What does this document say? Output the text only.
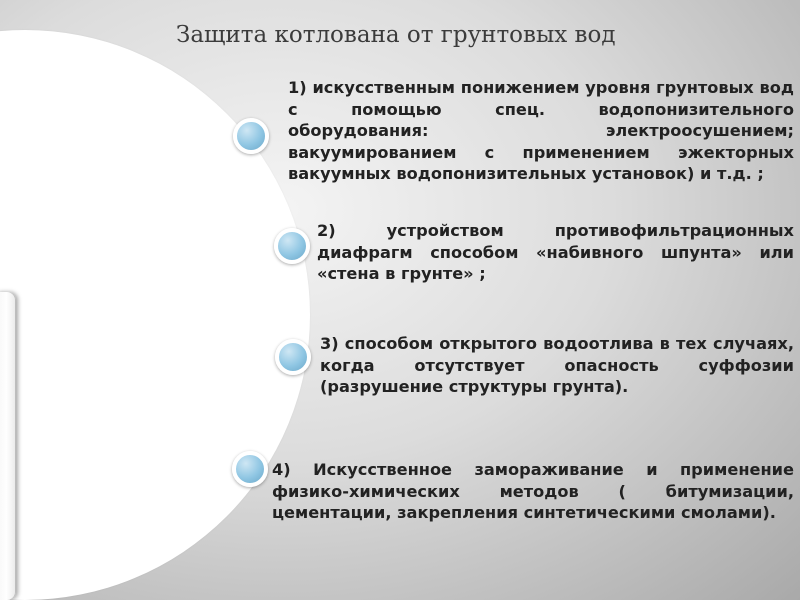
Защита котлована от грунтовых вод

1) искусственным понижением уровня грунтовых вод с помощью спец. водопонизительного оборудования: электроосушением; вакуумированием с применением эжекторных вакуумных водопонизительных установок) и т.д. ;

2) устройством противофильтрационных диафрагм способом «набивного шпунта» или «стена в грунте» ;

3) способом открытого водоотлива в тех случаях, когда отсутствует опасность суффозии (разрушение структуры грунта).

4) Искусственное замораживание и применение физико-химических методов ( битумизации, цементации, закрепления синтетическими смолами).
